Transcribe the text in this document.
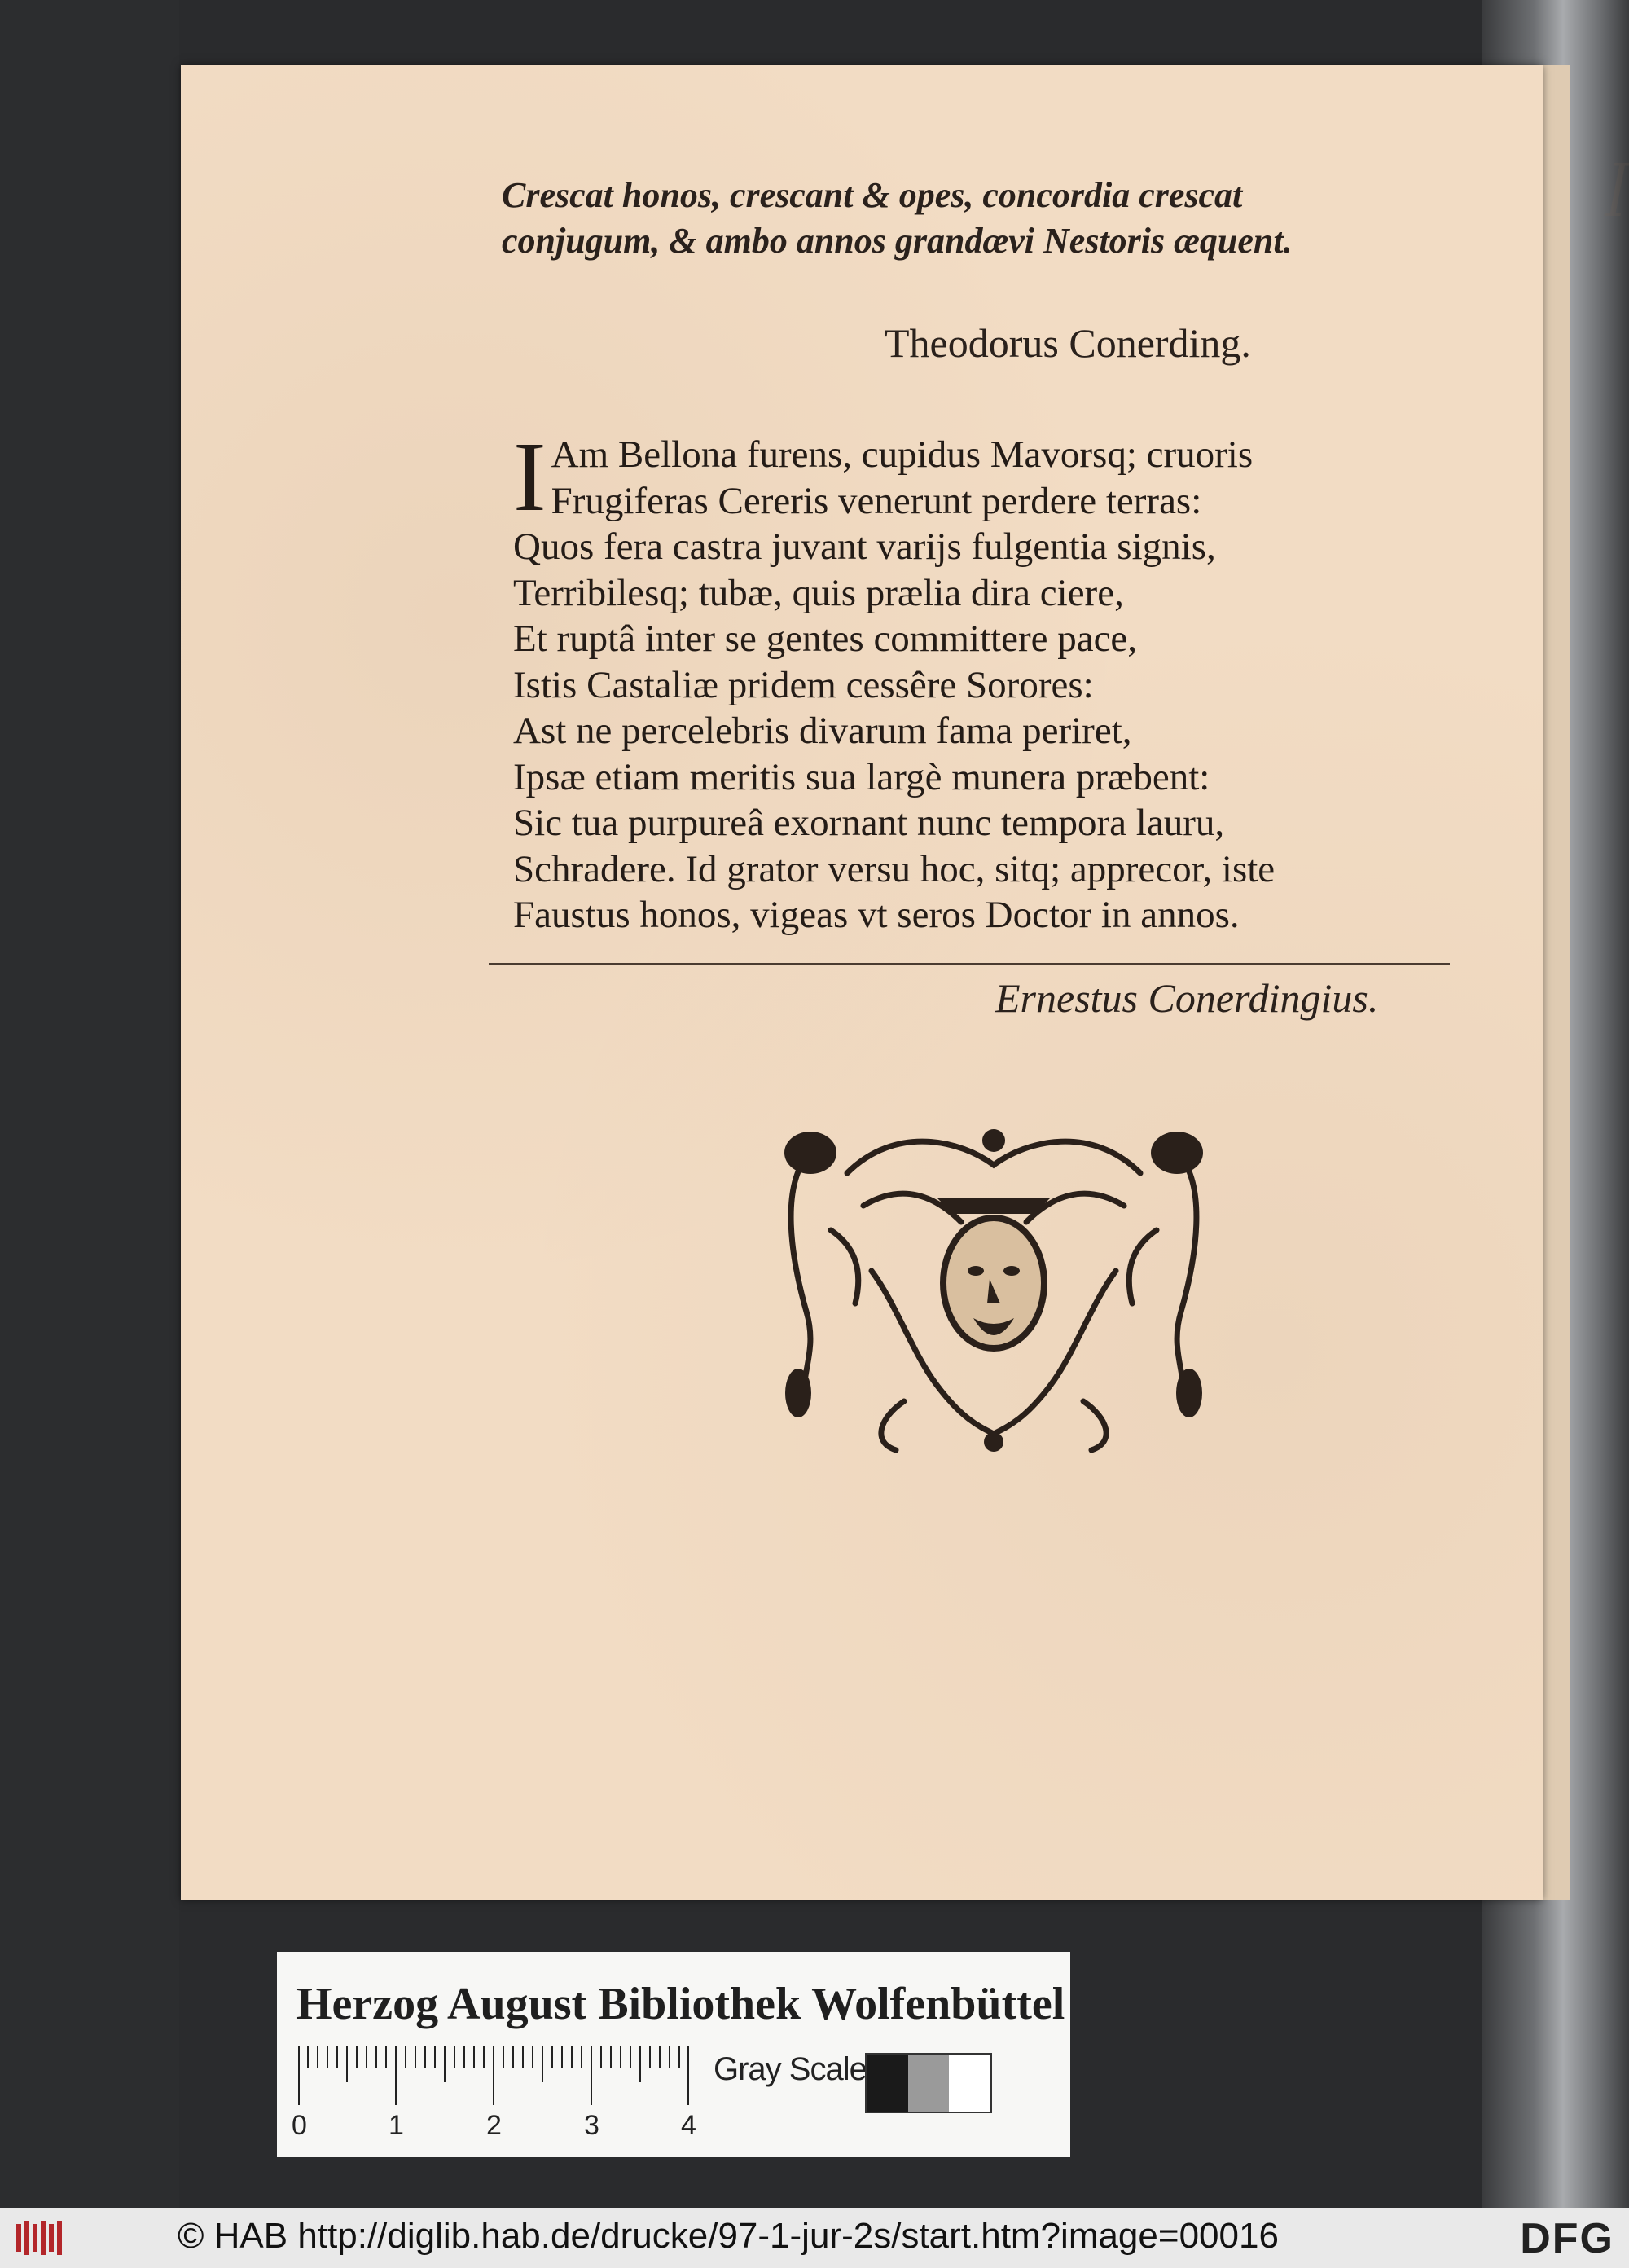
ꟾ
Crescat honos, crescant & opes, concordia crescat
conjugum, & ambo annos grandævi Nestoris æquent.
Theodorus Conerding.
I Am Bellona furens, cupidus Mavorsq; cruoris
Frugiferas Cereris venerunt perdere terras:
Quos fera castra juvant varijs fulgentia signis,
Terribilesq; tubæ, quis prælia dira ciere,
Et ruptâ inter se gentes committere pace,
Istis Castaliæ pridem cessêre Sorores:
Ast ne percelebris divarum fama periret,
Ipsæ etiam meritis sua largè munera præbent:
Sic tua purpureâ exornant nunc tempora lauru,
Schradere. Id grator versu hoc, sitq; apprecor, iste
Faustus honos, vigeas vt seros Doctor in annos.
Ernestus Conerdingius.
Herzog August Bibliothek Wolfenbüttel
0	1	2	3	4
Gray Scale
© HAB http://diglib.hab.de/drucke/97-1-jur-2s/start.htm?image=00016	DFG
